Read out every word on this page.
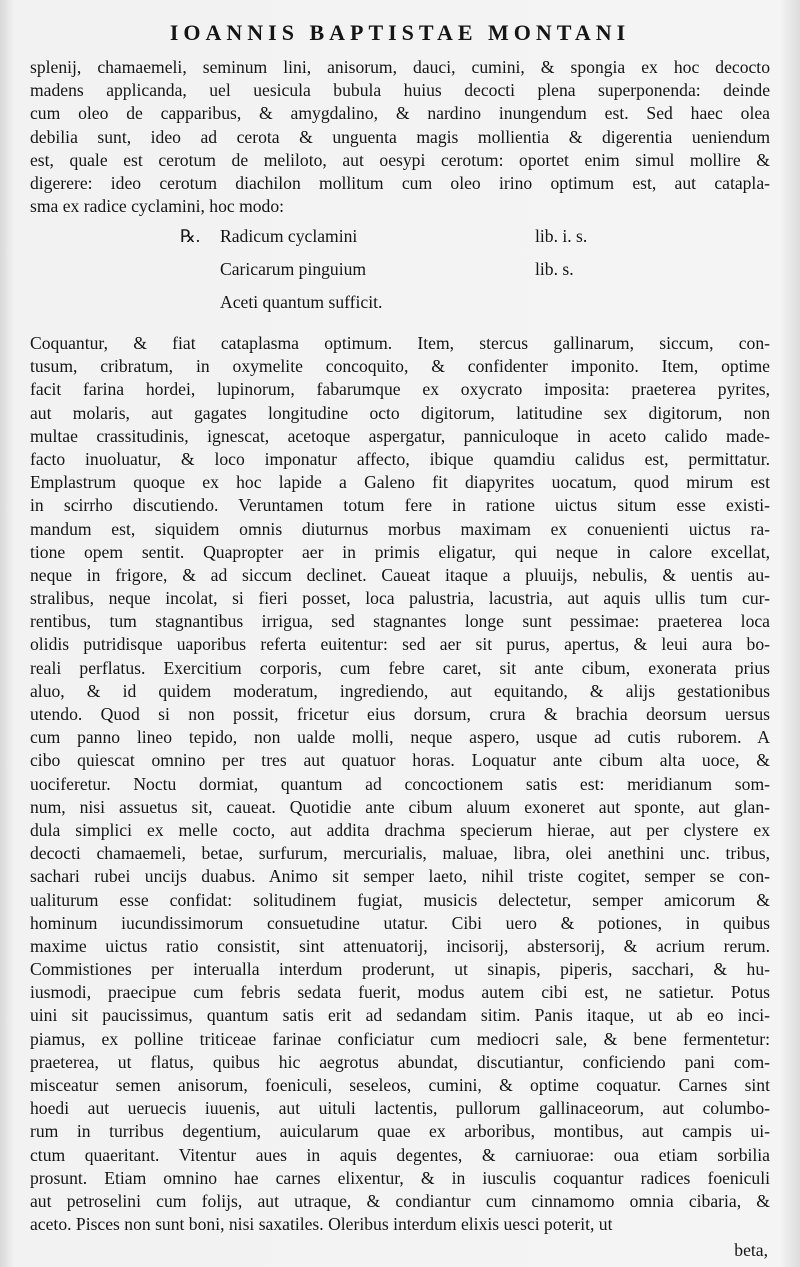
IOANNIS BAPTISTAE MONTANI
splenij, chamaemeli, seminum lini, anisorum, dauci, cumini, & spongia ex hoc decocto
madens applicanda, uel uesicula bubula huius decocti plena superponenda: deinde
cum oleo de capparibus, & amygdalino, & nardino inungendum est. Sed haec olea
debilia sunt, ideo ad cerota & unguenta magis mollientia & digerentia ueniendum
est, quale est cerotum de meliloto, aut oesypi cerotum: oportet enim simul mollire &
digerere: ideo cerotum diachilon mollitum cum oleo irino optimum est, aut catapla-
sma ex radice cyclamini, hoc modo:
℞. Radicum cyclamini	lib. i. s.
Caricarum pinguium	lib. s.
Aceti quantum sufficit.
Coquantur, & fiat cataplasma optimum. Item, stercus gallinarum, siccum, con-
tusum, cribratum, in oxymelite concoquito, & confidenter imponito. Item, optime
facit farina hordei, lupinorum, fabarumque ex oxycrato imposita: praeterea pyrites,
aut molaris, aut gagates longitudine octo digitorum, latitudine sex digitorum, non
multae crassitudinis, ignescat, acetoque aspergatur, panniculoque in aceto calido made-
facto inuoluatur, & loco imponatur affecto, ibique quamdiu calidus est, permittatur.
Emplastrum quoque ex hoc lapide a Galeno fit diapyrites uocatum, quod mirum est
in scirrho discutiendo. Veruntamen totum fere in ratione uictus situm esse existi-
mandum est, siquidem omnis diuturnus morbus maximam ex conuenienti uictus ra-
tione opem sentit. Quapropter aer in primis eligatur, qui neque in calore excellat,
neque in frigore, & ad siccum declinet. Caueat itaque a pluuijs, nebulis, & uentis au-
stralibus, neque incolat, si fieri posset, loca palustria, lacustria, aut aquis ullis tum cur-
rentibus, tum stagnantibus irrigua, sed stagnantes longe sunt pessimae: praeterea loca
olidis putridisque uaporibus referta euitentur: sed aer sit purus, apertus, & leui aura bo-
reali perflatus. Exercitium corporis, cum febre caret, sit ante cibum, exonerata prius
aluo, & id quidem moderatum, ingrediendo, aut equitando, & alijs gestationibus
utendo. Quod si non possit, fricetur eius dorsum, crura & brachia deorsum uersus
cum panno lineo tepido, non ualde molli, neque aspero, usque ad cutis ruborem. A
cibo quiescat omnino per tres aut quatuor horas. Loquatur ante cibum alta uoce, &
uociferetur. Noctu dormiat, quantum ad concoctionem satis est: meridianum som-
num, nisi assuetus sit, caueat. Quotidie ante cibum aluum exoneret aut sponte, aut glan-
dula simplici ex melle cocto, aut addita drachma specierum hierae, aut per clystere ex
decocti chamaemeli, betae, surfurum, mercurialis, maluae, libra, olei anethini unc. tribus,
sachari rubei uncijs duabus. Animo sit semper laeto, nihil triste cogitet, semper se con-
ualiturum esse confidat: solitudinem fugiat, musicis delectetur, semper amicorum &
hominum iucundissimorum consuetudine utatur. Cibi uero & potiones, in quibus
maxime uictus ratio consistit, sint attenuatorij, incisorij, abstersorij, & acrium rerum.
Commistiones per interualla interdum proderunt, ut sinapis, piperis, sacchari, & hu-
iusmodi, praecipue cum febris sedata fuerit, modus autem cibi est, ne satietur. Potus
uini sit paucissimus, quantum satis erit ad sedandam sitim. Panis itaque, ut ab eo inci-
piamus, ex polline triticeae farinae conficiatur cum mediocri sale, & bene fermentetur:
praeterea, ut flatus, quibus hic aegrotus abundat, discutiantur, conficiendo pani com-
misceatur semen anisorum, foeniculi, seseleos, cumini, & optime coquatur. Carnes sint
hoedi aut ueruecis iuuenis, aut uituli lactentis, pullorum gallinaceorum, aut columbo-
rum in turribus degentium, auicularum quae ex arboribus, montibus, aut campis ui-
ctum quaeritant. Vitentur aues in aquis degentes, & carniuorae: oua etiam sorbilia
prosunt. Etiam omnino hae carnes elixentur, & in iusculis coquantur radices foeniculi
aut petroselini cum folijs, aut utraque, & condiantur cum cinnamomo omnia cibaria, &
aceto. Pisces non sunt boni, nisi saxatiles. Oleribus interdum elixis uesci poterit, ut
beta,
